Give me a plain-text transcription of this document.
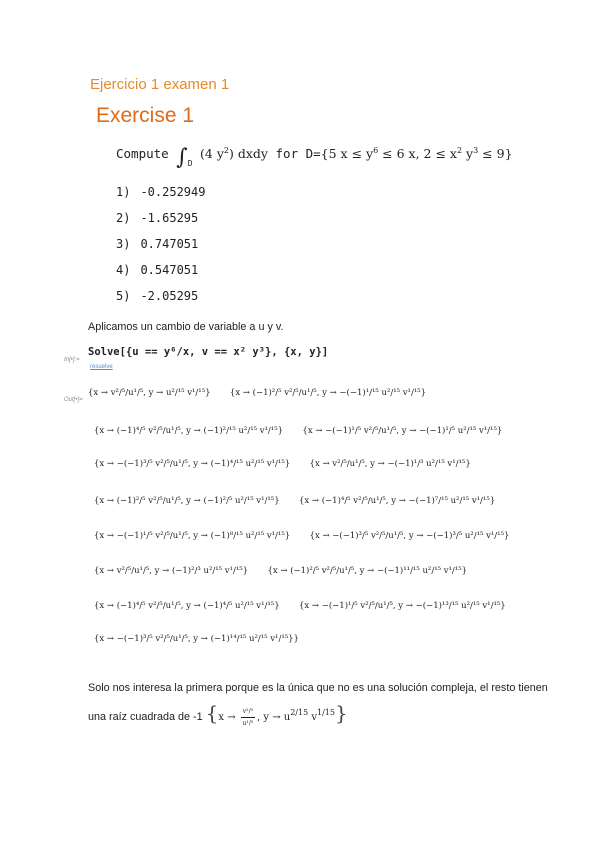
Ejercicio 1 examen 1
Exercise 1
Compute $\int_D$ (4 $y^2$) dxdy for D={5 $x \le y^6 \le 6$ x, $2 \le x^2$ $y^3 \le 9$}
1) -0.252949
2) -1.65295
3) 0.747051
4) 0.547051
5) -2.05295
Aplicamos un cambio de variable a u y v.
In[•]:=
Solve[{u == y⁶/x, v == x² y³}, {x, y}]
resuelve
Out[•]=
{x → v²/⁵/u¹/⁵, y → u²/¹⁵ v¹/¹⁵} {x → (−1)²/⁵ v²/⁵/u¹/⁵, y → −(−1)¹/¹⁵ u²/¹⁵ v¹/¹⁵}
{x → (−1)⁴/⁵ v²/⁵/u¹/⁵, y → (−1)²/¹⁵ u²/¹⁵ v¹/¹⁵} {x → −(−1)¹/⁵ v²/⁵/u¹/⁵, y → −(−1)¹/⁵ u²/¹⁵ v¹/¹⁵}
{x → −(−1)³/⁵ v²/⁵/u¹/⁵, y → (−1)⁴/¹⁵ u²/¹⁵ v¹/¹⁵} {x → v²/⁵/u¹/⁵, y → −(−1)¹/³ u²/¹⁵ v¹/¹⁵}
{x → (−1)²/⁵ v²/⁵/u¹/⁵, y → (−1)²/⁵ u²/¹⁵ v¹/¹⁵} {x → (−1)⁴/⁵ v²/⁵/u¹/⁵, y → −(−1)⁷/¹⁵ u²/¹⁵ v¹/¹⁵}
{x → −(−1)¹/⁵ v²/⁵/u¹/⁵, y → (−1)⁸/¹⁵ u²/¹⁵ v¹/¹⁵} {x → −(−1)³/⁵ v²/⁵/u¹/⁵, y → −(−1)³/⁵ u²/¹⁵ v¹/¹⁵}
{x → v²/⁵/u¹/⁵, y → (−1)²/³ u²/¹⁵ v¹/¹⁵} {x → (−1)²/⁵ v²/⁵/u¹/⁵, y → −(−1)¹¹/¹⁵ u²/¹⁵ v¹/¹⁵}
{x → (−1)⁴/⁵ v²/⁵/u¹/⁵, y → (−1)⁴/⁵ u²/¹⁵ v¹/¹⁵} {x → −(−1)¹/⁵ v²/⁵/u¹/⁵, y → −(−1)¹³/¹⁵ u²/¹⁵ v¹/¹⁵}
{x → −(−1)³/⁵ v²/⁵/u¹/⁵, y → (−1)¹⁴/¹⁵ u²/¹⁵ v¹/¹⁵}}
Solo nos interesa la primera porque es la única que no es una solución compleja, el resto tienen
una raíz cuadrada de -1 {$x \to \frac{\text{v²/⁵}}{\text{u¹/⁵}}$ , $y \to u^{2/15}$ $v^{1/15}$}
